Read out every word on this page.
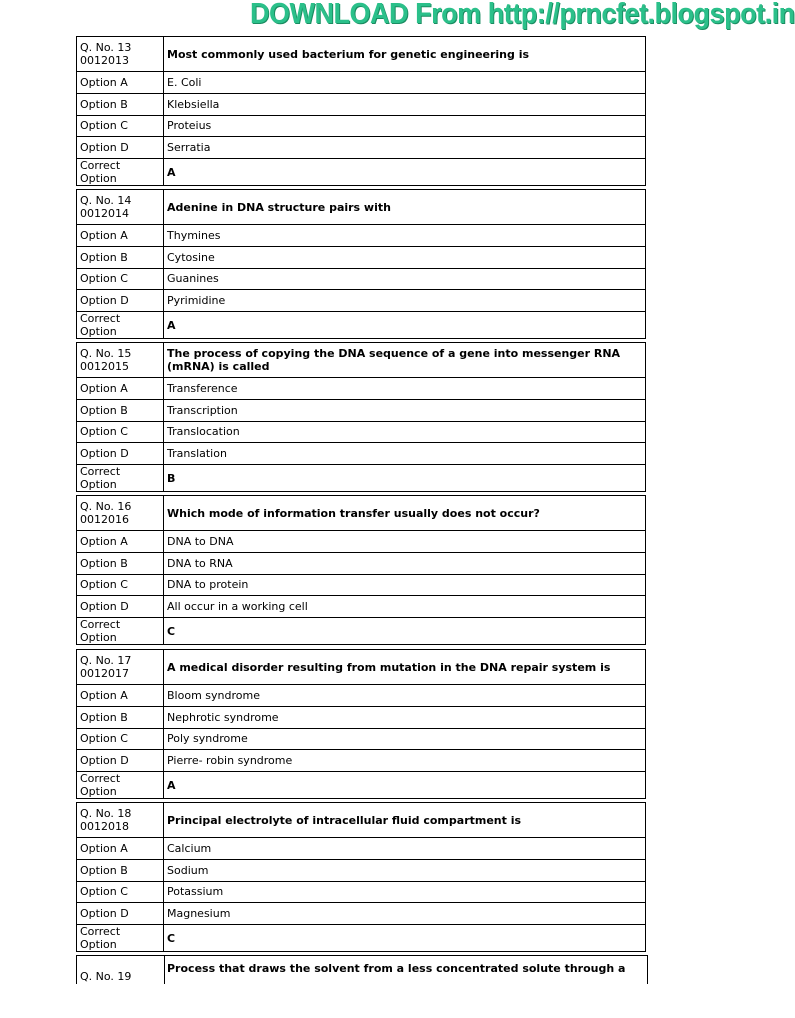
DOWNLOAD From http://prncfet.blogspot.in
Q. No. 13
0012013	Most commonly used bacterium for genetic engineering is
Option A	E. Coli
Option B	Klebsiella
Option C	Proteius
Option D	Serratia
Correct Option	A
Q. No. 14
0012014	Adenine in DNA structure pairs with
Option A	Thymines
Option B	Cytosine
Option C	Guanines
Option D	Pyrimidine
Correct Option	A
Q. No. 15
0012015	The process of copying the DNA sequence of a gene into messenger RNA (mRNA) is called
Option A	Transference
Option B	Transcription
Option C	Translocation
Option D	Translation
Correct Option	B
Q. No. 16
0012016	Which mode of information transfer usually does not occur?
Option A	DNA to DNA
Option B	DNA to RNA
Option C	DNA to protein
Option D	All occur in a working cell
Correct Option	C
Q. No. 17
0012017	A medical disorder resulting from mutation in the DNA repair system is
Option A	Bloom syndrome
Option B	Nephrotic syndrome
Option C	Poly syndrome
Option D	Pierre- robin syndrome
Correct Option	A
Q. No. 18
0012018	Principal electrolyte of intracellular fluid compartment is
Option A	Calcium
Option B	Sodium
Option C	Potassium
Option D	Magnesium
Correct Option	C
Q. No. 19
Process that draws the solvent from a less concentrated solute through a
